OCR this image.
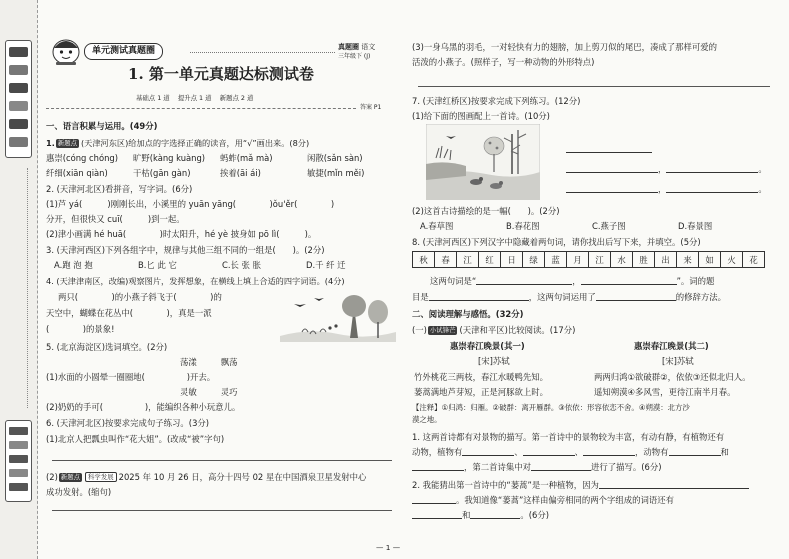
单元测试真题圈	真题圈 语文
三年级下 (J)
1. 第一单元真题达标测试卷
基础点 1 道 提升点 1 道 新题点 2 道
答案 P1
一、语言积累与运用。(49分)
1. 新题点 (天津河东区)给加点的字选择正确的读音，用“√”画出来。(8分)
惠崇(cóng chóng) 旷野(kàng kuàng) 蚂蚱(mǎ mà)	闲散(sǎn sàn)
纤细(xiān qiàn)	干枯(gān gàn)	挨着(āi ái)	敏捷(mǐn měi)
2. (天津河北区)看拼音，写字词。(6分)
(1)芦 yá(　　　)刚刚长出，小溪里的 yuān yāng(　　　　)ǒu'ěr(　　　　)
分开，但很快又 cuī(　　　)到一起。
(2)津小画满 hé huā(　　　　)时太阳升，hé yè 披身如 pō lì(　　　)。
3. (天津河西区)下列各组字中，规律与其他三组不同的一组是(　　)。(2分)
A.跑 泡 抱	B.匕 此 它	C.长 张 胀	D.千 纤 迁
4. (天津津南区，改编)观察图片，发挥想象，在横线上填上合适的四字词语。(4分)
两只(　　　　)的小燕子斜飞于(　　　　)的
天空中，蝴蝶在花丛中(　　　　)，真是一派
(　　　　)的景象!
5. (北京海淀区)选词填空。(2分)
荡漾	飘荡
(1)水面的小圆晕一圈圈地(　　　　　)开去。
灵敏	灵巧
(2)奶奶的手可(　　　　　)，能编织各种小玩意儿。
6. (天津河北区)按要求完成句子练习。(3分)
(1)北京人把瓢虫叫作“花大姐”。(改成“被”字句)
(2) 新题点 科学发展 2025 年 10 月 26 日，高分十四号 02 星在中国酒泉卫星发射中心
成功发射。(缩句)
(3)一身乌黑的羽毛，一对轻快有力的翅膀，加上剪刀似的尾巴，凑成了那样可爱的
活泼的小燕子。(照样子，写一种动物的外形特点)
7. (天津红桥区)按要求完成下列练习。(12分)
(1)给下面的图画配上一首诗。(10分)
，	。
，	。
(2)这首古诗描绘的是一幅(　　)。(2分)
A.春草图	B.春花图	C.燕子图	D.春景图
8. (天津河西区)下列汉字中隐藏着两句词，请你找出后写下来，并填空。(5分)
秋	春	江	红	日	绿	蓝	月	江	水	胜	出	来	如	火	花
这两句词是“	，	”。词的题
目是	，这两句词运用了	的修辞方法。
二、阅读理解与感悟。(32分)
(一) 小试锋芒 (天津和平区)比较阅读。(17分)
惠崇春江晚景(其一)	惠崇春江晚景(其二)
[宋]苏轼	[宋]苏轼
竹外桃花三两枝，春江水暖鸭先知。
蒌蒿满地芦芽短，正是河豚欲上时。
两两归鸿①欲破群②，依依③还似北归人。
遥知朔漠④多风雪，更待江南半月春。
【注释】①归鸿：归雁。②破群：离开雁群。③依依：形容依恋不舍。④朔漠：北方沙
漠之地。
1. 这两首诗都有对景物的描写。第一首诗中的景物较为丰富，有动有静，有植物还有
动物，植物有	、	、	，动物有	和
，第二首诗集中对	进行了描写。(6分)
2. 我能猜出第一首诗中的“蒌蒿”是一种植物，因为
。我知道像“蒌蒿”这样由偏旁相同的两个字组成的词语还有
和	。(6分)
— 1 —
